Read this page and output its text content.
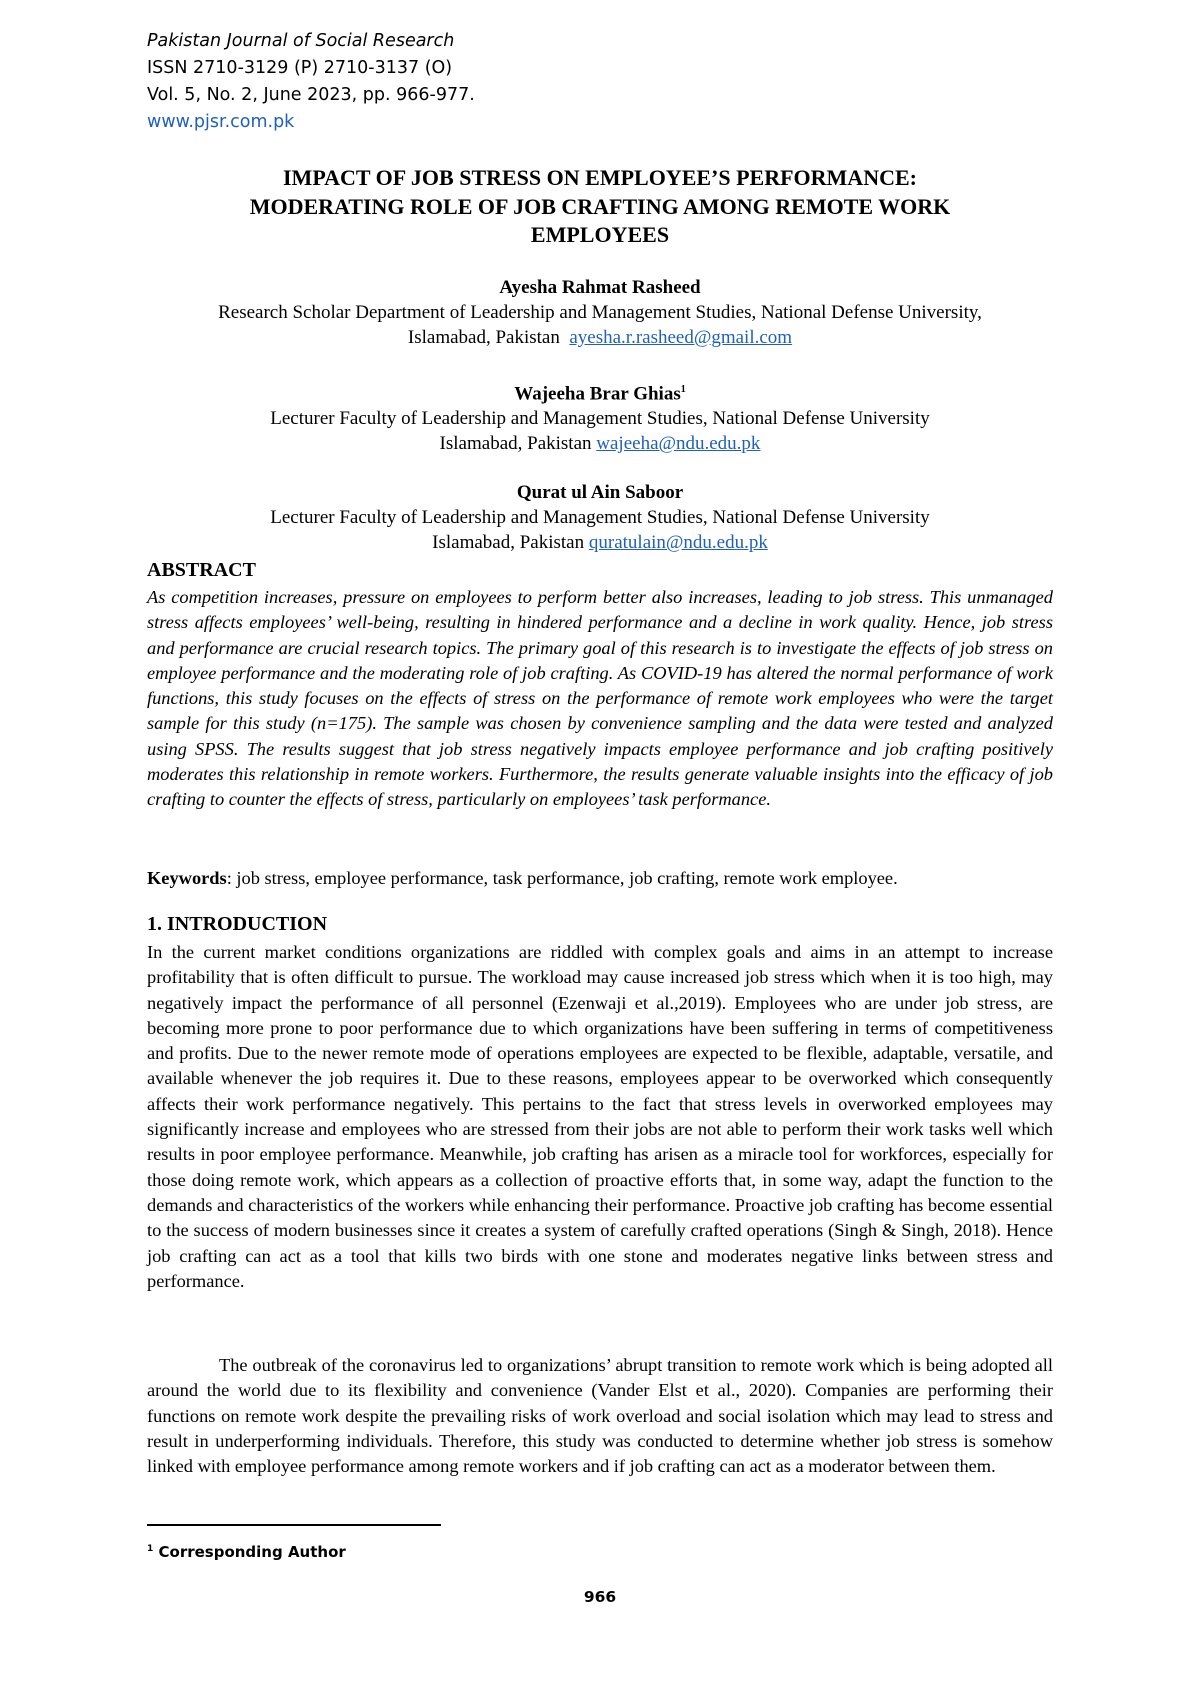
Pakistan Journal of Social Research
ISSN 2710-3129 (P) 2710-3137 (O)
Vol. 5, No. 2, June 2023, pp. 966-977.
www.pjsr.com.pk
IMPACT OF JOB STRESS ON EMPLOYEE’S PERFORMANCE:
MODERATING ROLE OF JOB CRAFTING AMONG REMOTE WORK
EMPLOYEES
Ayesha Rahmat Rasheed
Research Scholar Department of Leadership and Management Studies, National Defense University,
Islamabad, Pakistan ayesha.r.rasheed@gmail.com
Wajeeha Brar Ghias$^1$
Lecturer Faculty of Leadership and Management Studies, National Defense University
Islamabad, Pakistan wajeeha@ndu.edu.pk
Qurat ul Ain Saboor
Lecturer Faculty of Leadership and Management Studies, National Defense University
Islamabad, Pakistan quratulain@ndu.edu.pk
ABSTRACT

As competition increases, pressure on employees to perform better also increases, leading to job stress. This unmanaged stress affects employees’ well-being, resulting in hindered performance and a decline in work quality. Hence, job stress and performance are crucial research topics. The primary goal of this research is to investigate the effects of job stress on employee performance and the moderating role of job crafting. As COVID-19 has altered the normal performance of work functions, this study focuses on the effects of stress on the performance of remote work employees who were the target sample for this study (n=175). The sample was chosen by convenience sampling and the data were tested and analyzed using SPSS. The results suggest that job stress negatively impacts employee performance and job crafting positively moderates this relationship in remote workers. Furthermore, the results generate valuable insights into the efficacy of job crafting to counter the effects of stress, particularly on employees’ task performance.

Keywords: job stress, employee performance, task performance, job crafting, remote work employee.

1. INTRODUCTION

In the current market conditions organizations are riddled with complex goals and aims in an attempt to increase profitability that is often difficult to pursue. The workload may cause increased job stress which when it is too high, may negatively impact the performance of all personnel (Ezenwaji et al.,2019). Employees who are under job stress, are becoming more prone to poor performance due to which organizations have been suffering in terms of competitiveness and profits. Due to the newer remote mode of operations employees are expected to be flexible, adaptable, versatile, and available whenever the job requires it. Due to these reasons, employees appear to be overworked which consequently affects their work performance negatively. This pertains to the fact that stress levels in overworked employees may significantly increase and employees who are stressed from their jobs are not able to perform their work tasks well which results in poor employee performance. Meanwhile, job crafting has arisen as a miracle tool for workforces, especially for those doing remote work, which appears as a collection of proactive efforts that, in some way, adapt the function to the demands and characteristics of the workers while enhancing their performance. Proactive job crafting has become essential to the success of modern businesses since it creates a system of carefully crafted operations (Singh & Singh, 2018). Hence job crafting can act as a tool that kills two birds with one stone and moderates negative links between stress and performance.

The outbreak of the coronavirus led to organizations’ abrupt transition to remote work which is being adopted all around the world due to its flexibility and convenience (Vander Elst et al., 2020). Companies are performing their functions on remote work despite the prevailing risks of work overload and social isolation which may lead to stress and result in underperforming individuals. Therefore, this study was conducted to determine whether job stress is somehow linked with employee performance among remote workers and if job crafting can act as a moderator between them.

$^1$ Corresponding Author
966
